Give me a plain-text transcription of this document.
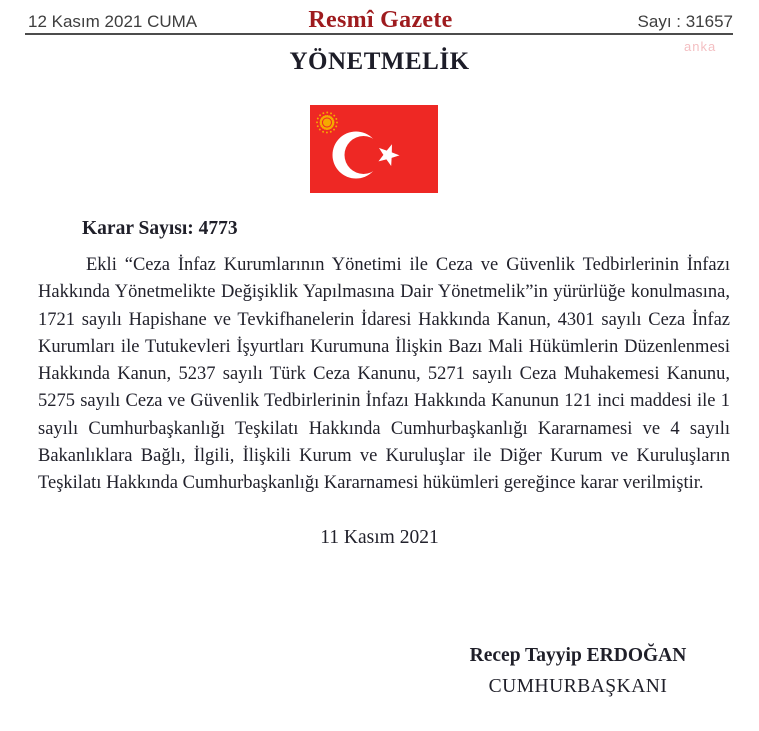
12 Kasım 2021 CUMA	Resmî Gazete	Sayı : 31657
anka
YÖNETMELİK
Karar Sayısı: 4773
Ekli “Ceza İnfaz Kurumlarının Yönetimi ile Ceza ve Güvenlik Tedbirlerinin İnfazı
Hakkında Yönetmelikte Değişiklik Yapılmasına Dair Yönetmelik”in yürürlüğe konulmasına,
1721 sayılı Hapishane ve Tevkifhanelerin İdaresi Hakkında Kanun, 4301 sayılı Ceza İnfaz
Kurumları ile Tutukevleri İşyurtları Kurumuna İlişkin Bazı Mali Hükümlerin Düzenlenmesi
Hakkında Kanun, 5237 sayılı Türk Ceza Kanunu, 5271 sayılı Ceza Muhakemesi Kanunu,
5275 sayılı Ceza ve Güvenlik Tedbirlerinin İnfazı Hakkında Kanunun 121 inci maddesi ile 1
sayılı Cumhurbaşkanlığı Teşkilatı Hakkında Cumhurbaşkanlığı Kararnamesi ve 4 sayılı
Bakanlıklara Bağlı, İlgili, İlişkili Kurum ve Kuruluşlar ile Diğer Kurum ve Kuruluşların
Teşkilatı Hakkında Cumhurbaşkanlığı Kararnamesi hükümleri gereğince karar verilmiştir.
11 Kasım 2021
Recep Tayyip ERDOĞAN
CUMHURBAŞKANI
